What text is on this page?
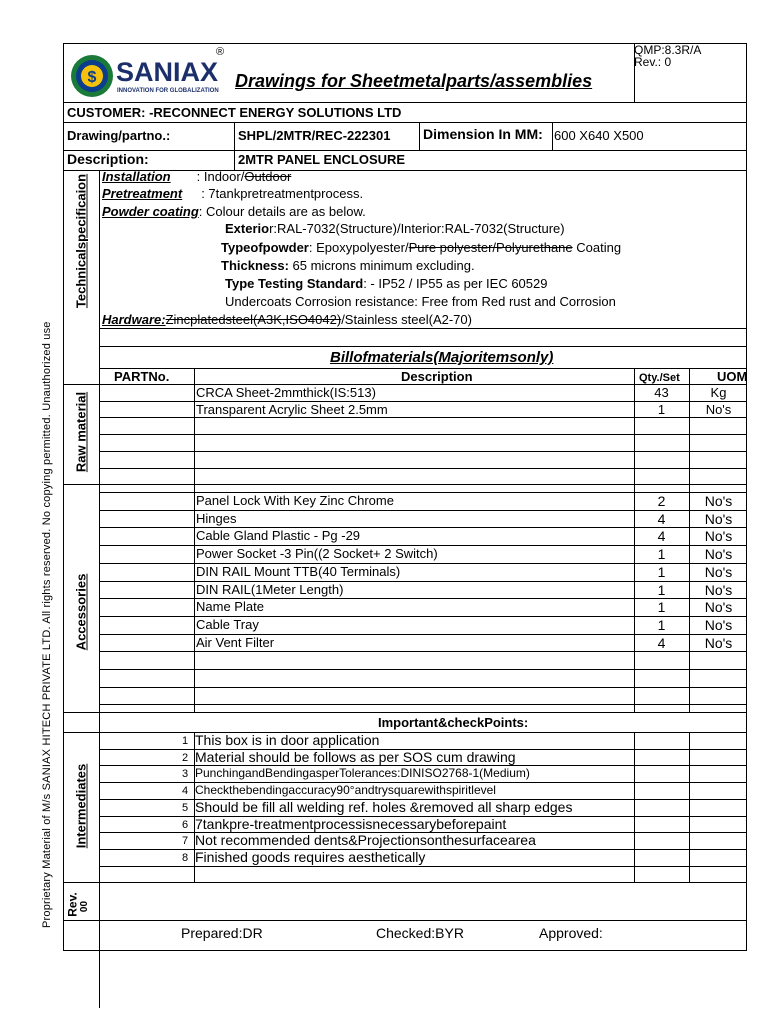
Proprietary Material of M/s SANIAX HITECH PRIVATE LTD. All rights reserved. No copying permitted. Unauthorized use
$ SANIAX
INNOVATION FOR GLOBALIZATION
®
Drawings for Sheetmetalparts/assemblies
QMP:8.3R/A
Rev.: 0
CUSTOMER: -RECONNECT ENERGY SOLUTIONS LTD
Drawing/partno.:	SHPL/2MTR/REC-222301 Dimension In MM: 600 X640 X500
Description:	2MTR PANEL ENCLOSURE
Technicalspecificaion Installation : Indoor/Outdoor
Pretreatment : 7tankpretreatmentprocess.
Powder coating: Colour details are as below.
Exterior:RAL-7032(Structure)/Interior:RAL-7032(Structure)
Typeofpowder: Epoxypolyester/Pure polyester/Polyurethane Coating
Thickness: 65 microns minimum excluding.
Type Testing Standard: - IP52 / IP55 as per IEC 60529
Undercoats Corrosion resistance: Free from Red rust and Corrosion
Hardware:Zincplatedsteel(A3K,ISO4042)/Stainless steel(A2-70)
Billofmaterials(Majoritemsonly)
PARTNo.	Description	Qty./Set	UOM
Raw material	CRCA Sheet-2mmthick(IS:513)	43	Kg
Transparent Acrylic Sheet 2.5mm	1	No's
Accessories
Panel Lock With Key Zinc Chrome	2	No's
Hinges	4	No's
Cable Gland Plastic - Pg -29	4	No's
Power Socket -3 Pin((2 Socket+ 2 Switch)	1	No's
DIN RAIL Mount TTB(40 Terminals)	1	No's
DIN RAIL(1Meter Length)	1	No's
Name Plate	1	No's
Cable Tray	1	No's
Air Vent Filter	4	No's
Important&checkPoints:
Intermediates
1 This box is in door application
2 Material should be follows as per SOS cum drawing
3 PunchingandBendingasperTolerances:DINISO2768-1(Medium)
4 Checkthebendingaccuracy90°andtrysquarewithspiritlevel
5 Should be fill all welding ref. holes &removed all sharp edges
6 7tankpre-treatmentprocessisnecessarybeforepaint
7 Not recommended dents&Projectionsonthesurfacearea
8 Finished goods requires aesthetically
Rev. 00
Prepared:DR	Checked:BYR	Approved:
